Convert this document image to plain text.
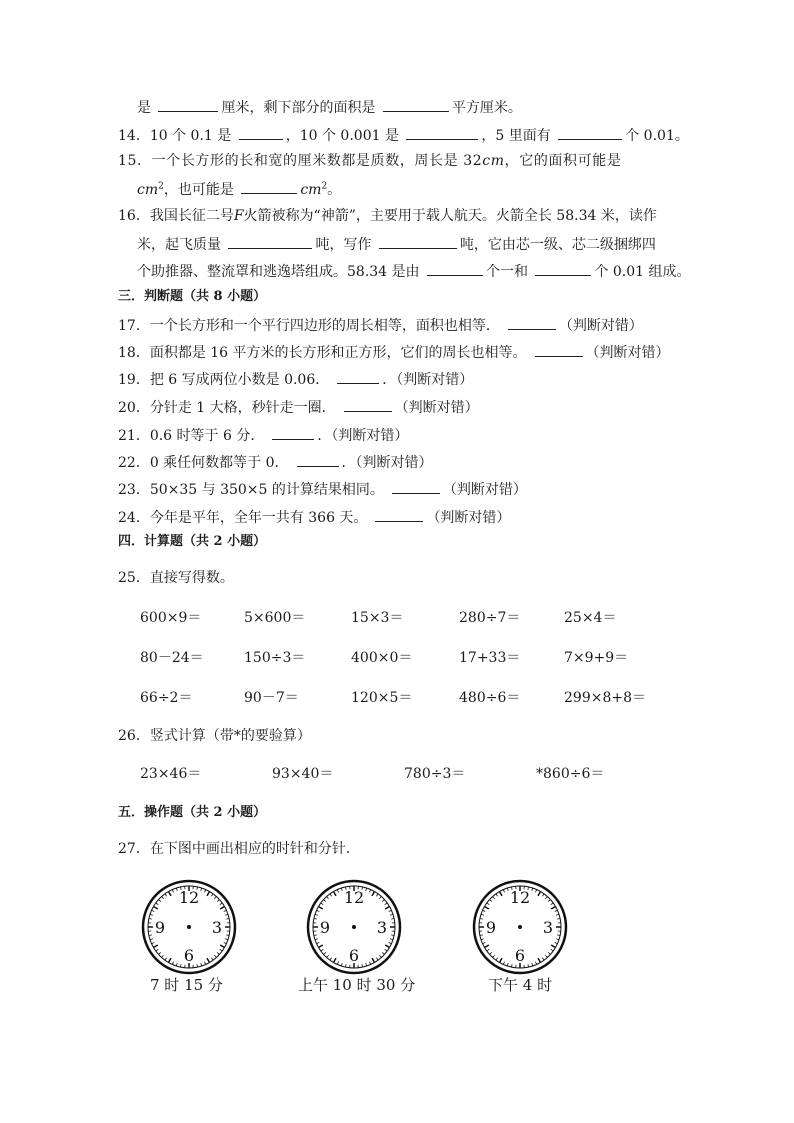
是	厘米，剩下部分的面积是	平方厘米。
14．10 个 0.1 是	，10 个 0.001 是	，5 里面有	个 0.01。
15．一个长方形的长和宽的厘米数都是质数，周长是 32cm，它的面积可能是
$cm^2$，也可能是	$cm^2$。
16．我国长征二号F火箭被称为“神箭”，主要用于载人航天。火箭全长 58.34 米，读作
米，起飞质量	吨，写作	吨，它由芯一级、芯二级捆绑四
个助推器、整流罩和逃逸塔组成。58.34 是由	个一和	个 0.01 组成。
三．判断题（共 8 小题）
17．一个长方形和一个平行四边形的周长相等，面积也相等．	（判断对错）
18．面积都是 16 平方米的长方形和正方形，它们的周长也相等。	（判断对错）
19．把 6 写成两位小数是 0.06．	．（判断对错）
20．分针走 1 大格，秒针走一圈．	（判断对错）
21．0.6 时等于 6 分．	．（判断对错）
22．0 乘任何数都等于 0．	．（判断对错）
23．50×35 与 350×5 的计算结果相同。	（判断对错）
24．今年是平年，全年一共有 366 天。	（判断对错）
四．计算题（共 2 小题）
25．直接写得数。
600×9＝	5×600＝	15×3＝	280÷7＝	25×4＝
80－24＝	150÷3＝	400×0＝	17+33＝	7×9+9＝
66÷2＝	90－7＝	120×5＝	480÷6＝	299×8+8＝
26．竖式计算（带*的要验算）
23×46＝	93×40＝	780÷3＝	*860÷6＝
五．操作题（共 2 小题）
27．在下图中画出相应的时针和分针．
12
3
6
9
7 时 15 分
12
3
6
9
上午 10 时 30 分
12
3
6
9
下午 4 时
